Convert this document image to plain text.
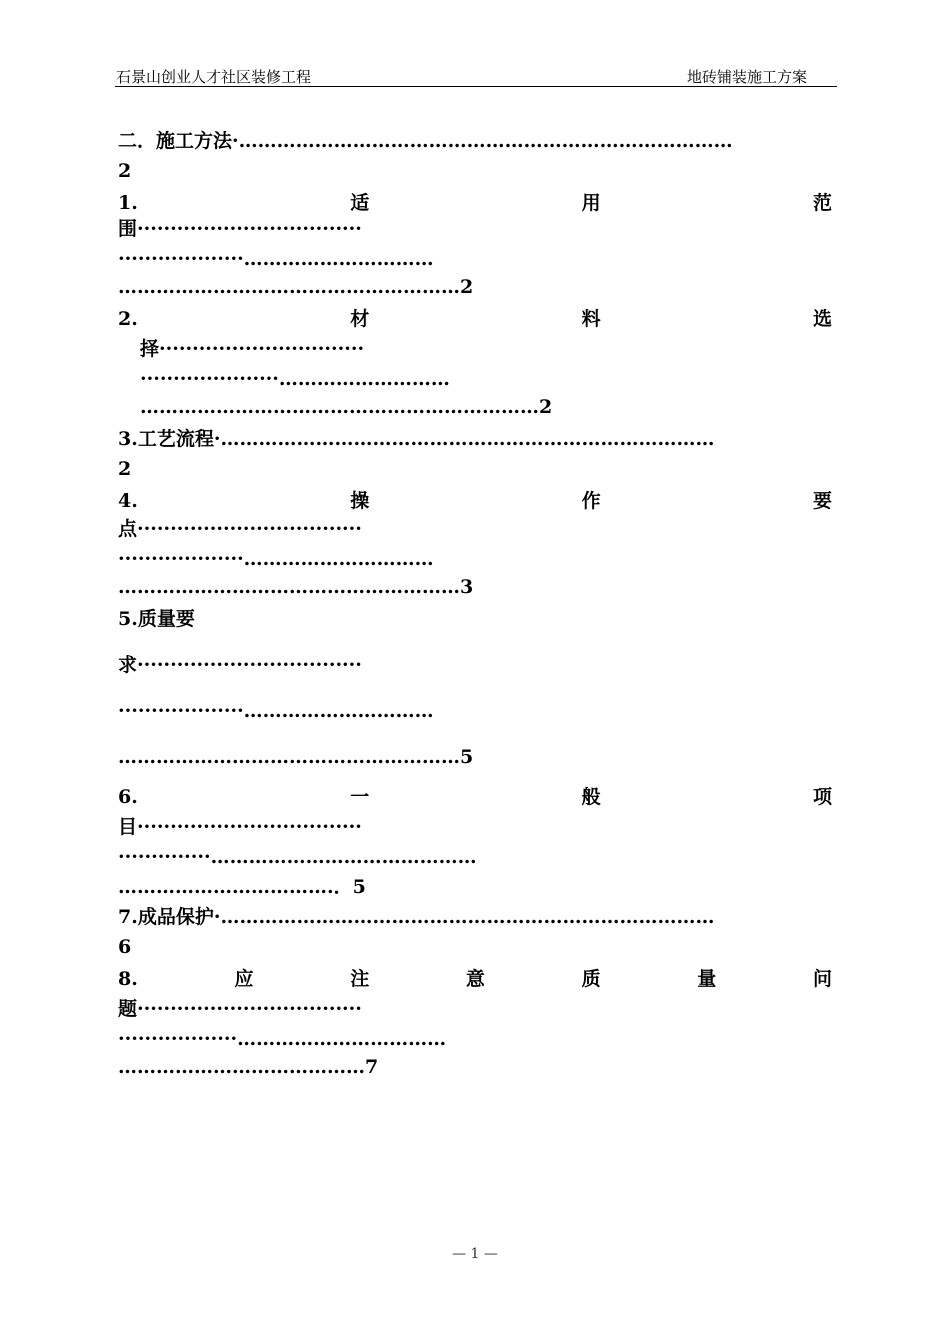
石景山创业人才社区装修工程	地砖铺装施工方案
二．施工方法·……………………………………………………………………
2
1.	适	用	范
围··································
···················…………………………
………………………………………………2
2.	材	料	选
择·······························
·····················………………………
………………………………………………………2
3.工艺流程·……………………………………………………………………
2
4.	操	作	要
点··································
···················…………………………
………………………………………………3
5.质量要
求··································
···················…………………………
………………………………………………5
6.	一	般	项
目··································
··············……………………………………
…………………………….．5
7.成品保护·……………………………………………………………………
6
8.	应	注	意	质	量	问
题··································
··················……………………………
…………………………………7
— 1 —
